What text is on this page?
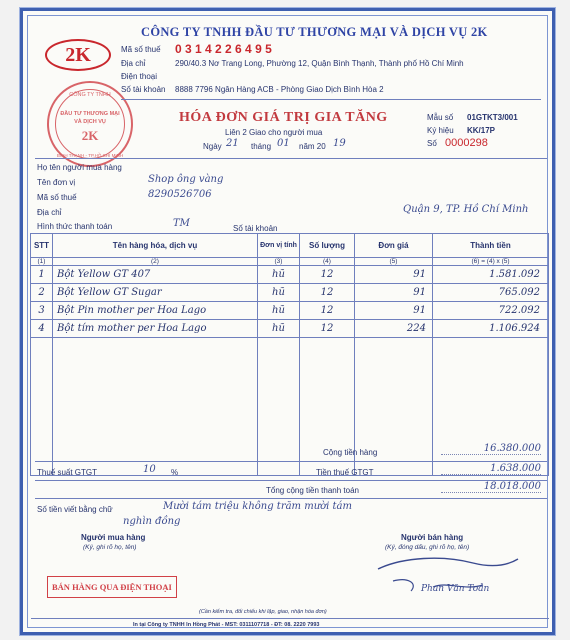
2K
CÔNG TY TNHH
ĐẦU TƯ THƯƠNG MẠI
VÀ DỊCH VỤ
2K
BÌNH THẠNH - TP.HỒ CHÍ MINH
CÔNG TY TNHH ĐẦU TƯ THƯƠNG MẠI VÀ DỊCH VỤ 2K
Mã số thuế 0 3 1 4 2 2 6 4 9 5
Địa chỉ	290/40.3 Nơ Trang Long, Phường 12, Quận Bình Thạnh, Thành phố Hồ Chí Minh
Điện thoại
Số tài khoản 8888 7796 Ngân Hàng ACB - Phòng Giao Dịch Bình Hòa 2
HÓA ĐƠN GIÁ TRỊ GIA TĂNG
Liên 2 Giao cho người mua
Ngày 21 tháng 01 năm 20 19
Mẫu số 01GTKT3/001
Ký hiệu KK/17P
Số 0000298
Họ tên người mua hàng
Tên đơn vị	Shop ông vàng
Mã số thuế	8290526706
Địa chỉ	Quận 9, TP. Hồ Chí Minh
Hình thức thanh toán	TM	Số tài khoản
STT	Tên hàng hóa, dịch vụ	Đơn vị tính	Số lượng	Đơn giá	Thành tiền
(1)	(2)	(3)	(4)	(5)	(6) = (4) x (5)
1	Bột Yellow GT 407	hũ	12	91	1.581.092
2	Bột Yellow GT Sugar	hũ	12	91	765.092
3	Bột Pin mother per Hoa Lago	hũ	12	91	722.092
4	Bột tím mother per Hoa Lago	hũ	12	224	1.106.924

Cộng tiền hàng	16.380.000
Thuế suất GTGT	10 %	Tiền thuế GTGT	1.638.000
Tổng cộng tiền thanh toán	18.018.000
Số tiền viết bằng chữ	Mười tám triệu không trăm mười tám
nghìn đồng
Người mua hàng
(Ký, ghi rõ họ, tên)
Người bán hàng
(Ký, đóng dấu, ghi rõ họ, tên)
Phan Văn Toản
BÁN HÀNG QUA ĐIỆN THOẠI
(Cần kiểm tra, đối chiếu khi lập, giao, nhận hóa đơn)
In tại Công ty TNHH In Hồng Phát - MST: 0311107718 - ĐT: 08. 2220 7993
